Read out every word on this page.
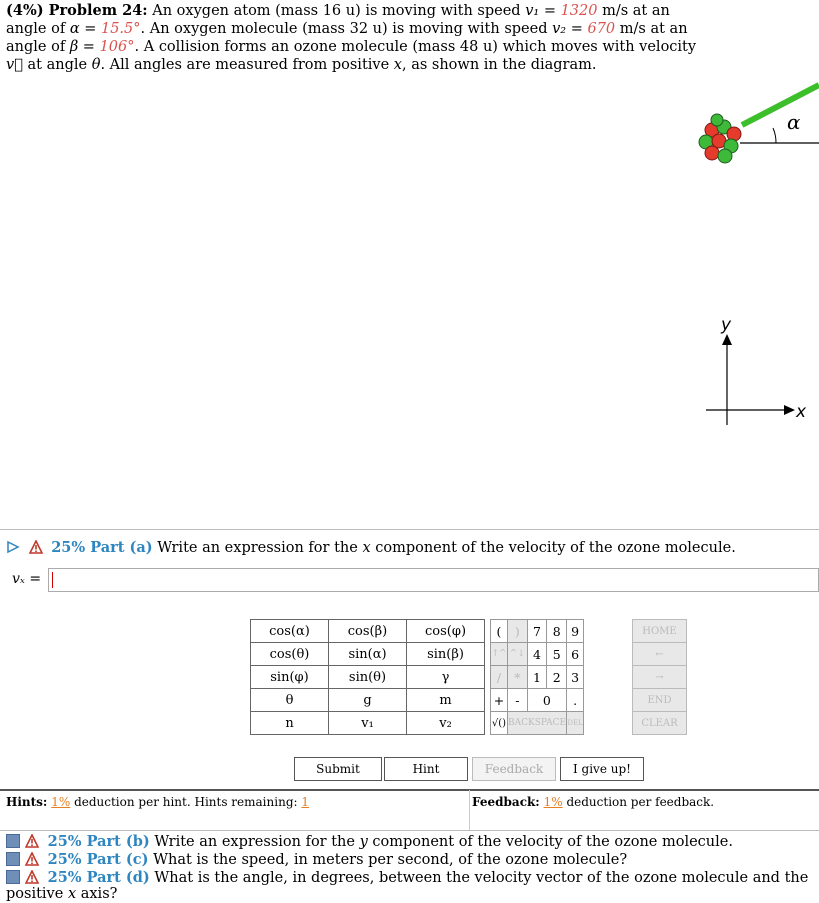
(4%) Problem 24: An oxygen atom (mass 16 u) is moving with speed v₁ = 1320 m/s at an angle of α = 15.5°. An oxygen molecule (mass 32 u) is moving with speed v₂ = 670 m/s at an angle of β = 106°. A collision forms an ozone molecule (mass 48 u) which moves with velocity v⃗ at angle θ. All angles are measured from positive x, as shown in the diagram.
α
y
x
25% Part (a) Write an expression for the x component of the velocity of the ozone molecule.
vₓ =
cos(α)	cos(β)	cos(φ)
cos(θ)	sin(α)	sin(β)
sin(φ)	sin(θ)	γ
θ	g	m
n	v₁	v₂
(	)	7	8	9
↑^	^↓	4	5	6
/	*	1	2	3
+	-	0		.
√()	BACKSPACE			DEL
HOME
←
→
END
CLEAR
Submit	Hint	Feedback	I give up!
Hints: 1% deduction per hint. Hints remaining: 1	Feedback: 1% deduction per feedback.
25% Part (b) Write an expression for the y component of the velocity of the ozone molecule.
25% Part (c) What is the speed, in meters per second, of the ozone molecule?
25% Part (d) What is the angle, in degrees, between the velocity vector of the ozone molecule and the positive x axis?
